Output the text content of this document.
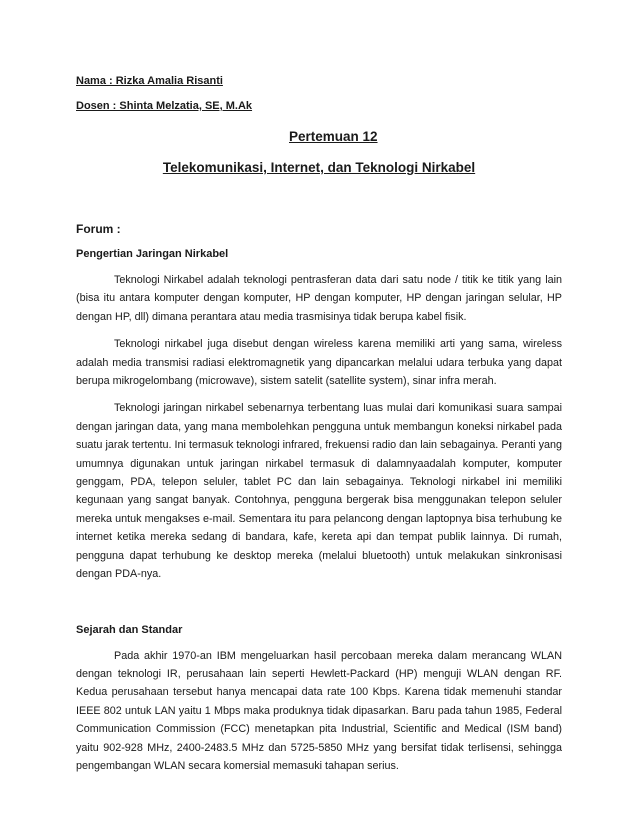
Nama : Rizka Amalia Risanti
Dosen : Shinta Melzatia, SE, M.Ak
Pertemuan 12
Telekomunikasi, Internet, dan Teknologi Nirkabel
Forum :
Pengertian Jaringan Nirkabel

Teknologi Nirkabel adalah teknologi pentrasferan data dari satu node / titik ke titik yang lain (bisa itu antara komputer dengan komputer, HP dengan komputer, HP dengan jaringan selular, HP dengan HP, dll) dimana perantara atau media trasmisinya tidak berupa kabel fisik.

Teknologi nirkabel juga disebut dengan wireless karena memiliki arti yang sama, wireless adalah media transmisi radiasi elektromagnetik yang dipancarkan melalui udara terbuka yang dapat berupa mikrogelombang (microwave), sistem satelit (satellite system), sinar infra merah.

Teknologi jaringan nirkabel sebenarnya terbentang luas mulai dari komunikasi suara sampai dengan jaringan data, yang mana membolehkan pengguna untuk membangun koneksi nirkabel pada suatu jarak tertentu. Ini termasuk teknologi infrared, frekuensi radio dan lain sebagainya. Peranti yang umumnya digunakan untuk jaringan nirkabel termasuk di dalamnyaadalah komputer, komputer genggam, PDA, telepon seluler, tablet PC dan lain sebagainya. Teknologi nirkabel ini memiliki kegunaan yang sangat banyak. Contohnya, pengguna bergerak bisa menggunakan telepon seluler mereka untuk mengakses e-mail. Sementara itu para pelancong dengan laptopnya bisa terhubung ke internet ketika mereka sedang di bandara, kafe, kereta api dan tempat publik lainnya. Di rumah, pengguna dapat terhubung ke desktop mereka (melalui bluetooth) untuk melakukan sinkronisasi dengan PDA-nya.

Sejarah dan Standar

Pada akhir 1970-an IBM mengeluarkan hasil percobaan mereka dalam merancang WLAN dengan teknologi IR, perusahaan lain seperti Hewlett-Packard (HP) menguji WLAN dengan RF. Kedua perusahaan tersebut hanya mencapai data rate 100 Kbps. Karena tidak memenuhi standar IEEE 802 untuk LAN yaitu 1 Mbps maka produknya tidak dipasarkan. Baru pada tahun 1985, Federal Communication Commission (FCC) menetapkan pita Industrial, Scientific and Medical (ISM band) yaitu 902-928 MHz, 2400-2483.5 MHz dan 5725-5850 MHz yang bersifat tidak terlisensi, sehingga pengembangan WLAN secara komersial memasuki tahapan serius.
